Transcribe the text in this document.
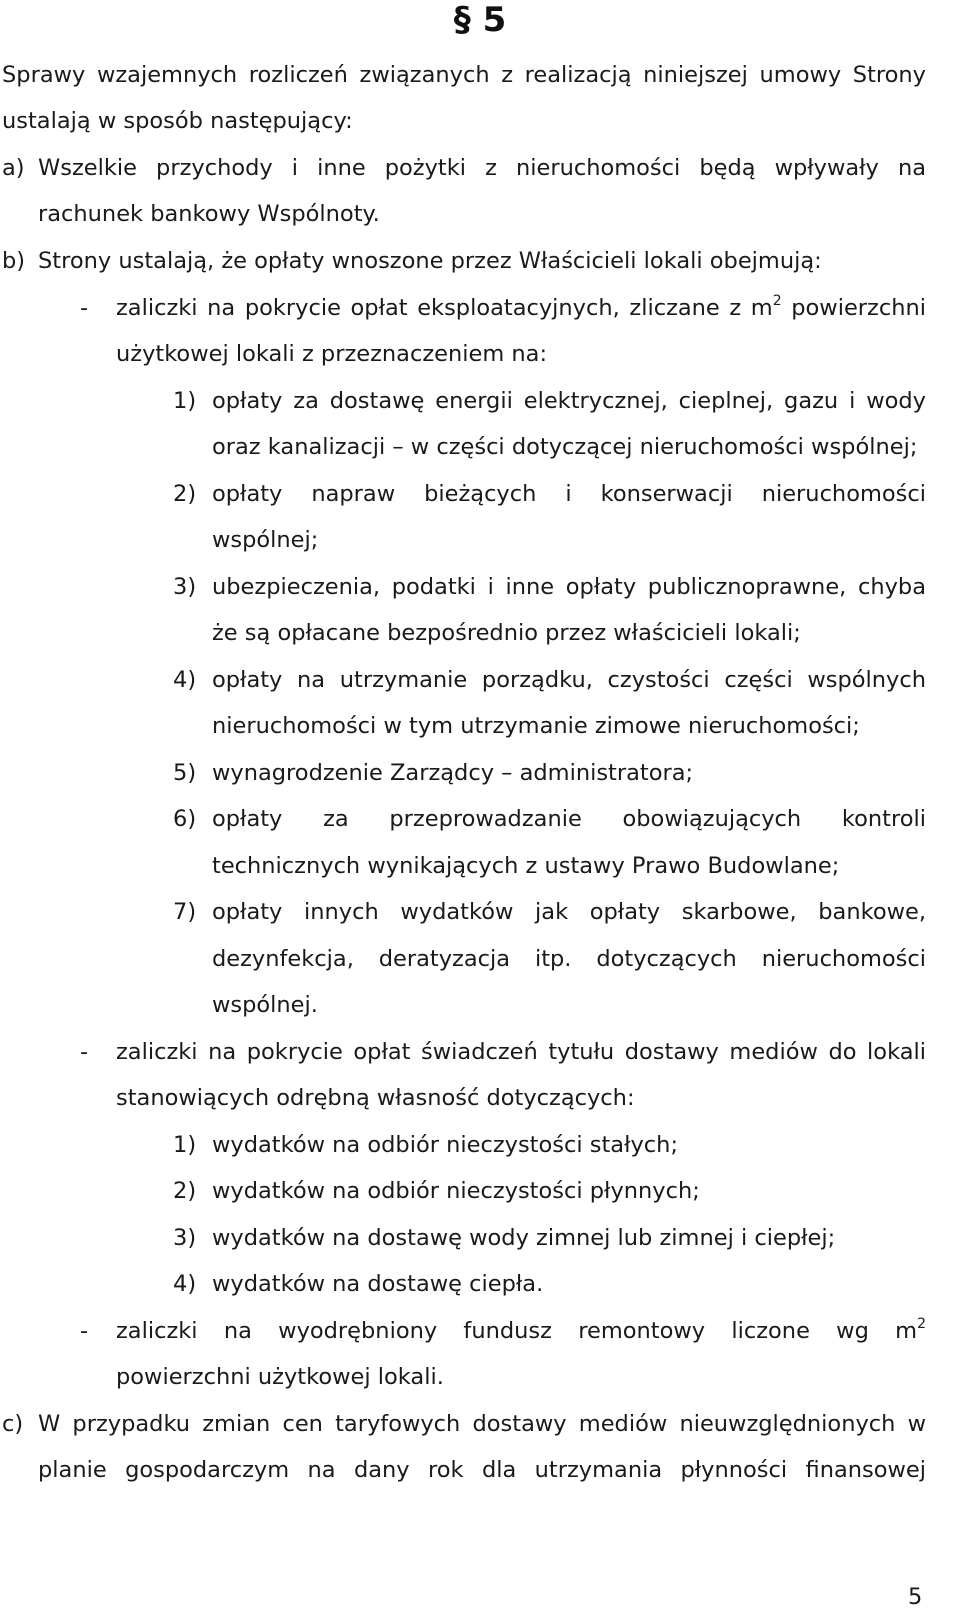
§ 5
Sprawy wzajemnych rozliczeń związanych z realizacją niniejszej umowy Strony
ustalają w sposób następujący:
a) Wszelkie przychody i inne pożytki z nieruchomości będą wpływały na
rachunek bankowy Wspólnoty.
b) Strony ustalają, że opłaty wnoszone przez Właścicieli lokali obejmują:
- zaliczki na pokrycie opłat eksploatacyjnych, zliczane z $m^2$ powierzchni
użytkowej lokali z przeznaczeniem na:
1) opłaty za dostawę energii elektrycznej, cieplnej, gazu i wody
oraz kanalizacji – w części dotyczącej nieruchomości wspólnej;
2) opłaty napraw bieżących i konserwacji nieruchomości
wspólnej;
3) ubezpieczenia, podatki i inne opłaty publicznoprawne, chyba
że są opłacane bezpośrednio przez właścicieli lokali;
4) opłaty na utrzymanie porządku, czystości części wspólnych
nieruchomości w tym utrzymanie zimowe nieruchomości;
5) wynagrodzenie Zarządcy – administratora;
6) opłaty za przeprowadzanie obowiązujących kontroli
technicznych wynikających z ustawy Prawo Budowlane;
7) opłaty innych wydatków jak opłaty skarbowe, bankowe,
dezynfekcja, deratyzacja itp. dotyczących nieruchomości
wspólnej.
- zaliczki na pokrycie opłat świadczeń tytułu dostawy mediów do lokali
stanowiących odrębną własność dotyczących:
1) wydatków na odbiór nieczystości stałych;
2) wydatków na odbiór nieczystości płynnych;
3) wydatków na dostawę wody zimnej lub zimnej i ciepłej;
4) wydatków na dostawę ciepła.
- zaliczki na wyodrębniony fundusz remontowy liczone wg $m^2$
powierzchni użytkowej lokali.
c) W przypadku zmian cen taryfowych dostawy mediów nieuwzględnionych w
planie gospodarczym na dany rok dla utrzymania płynności finansowej
5
